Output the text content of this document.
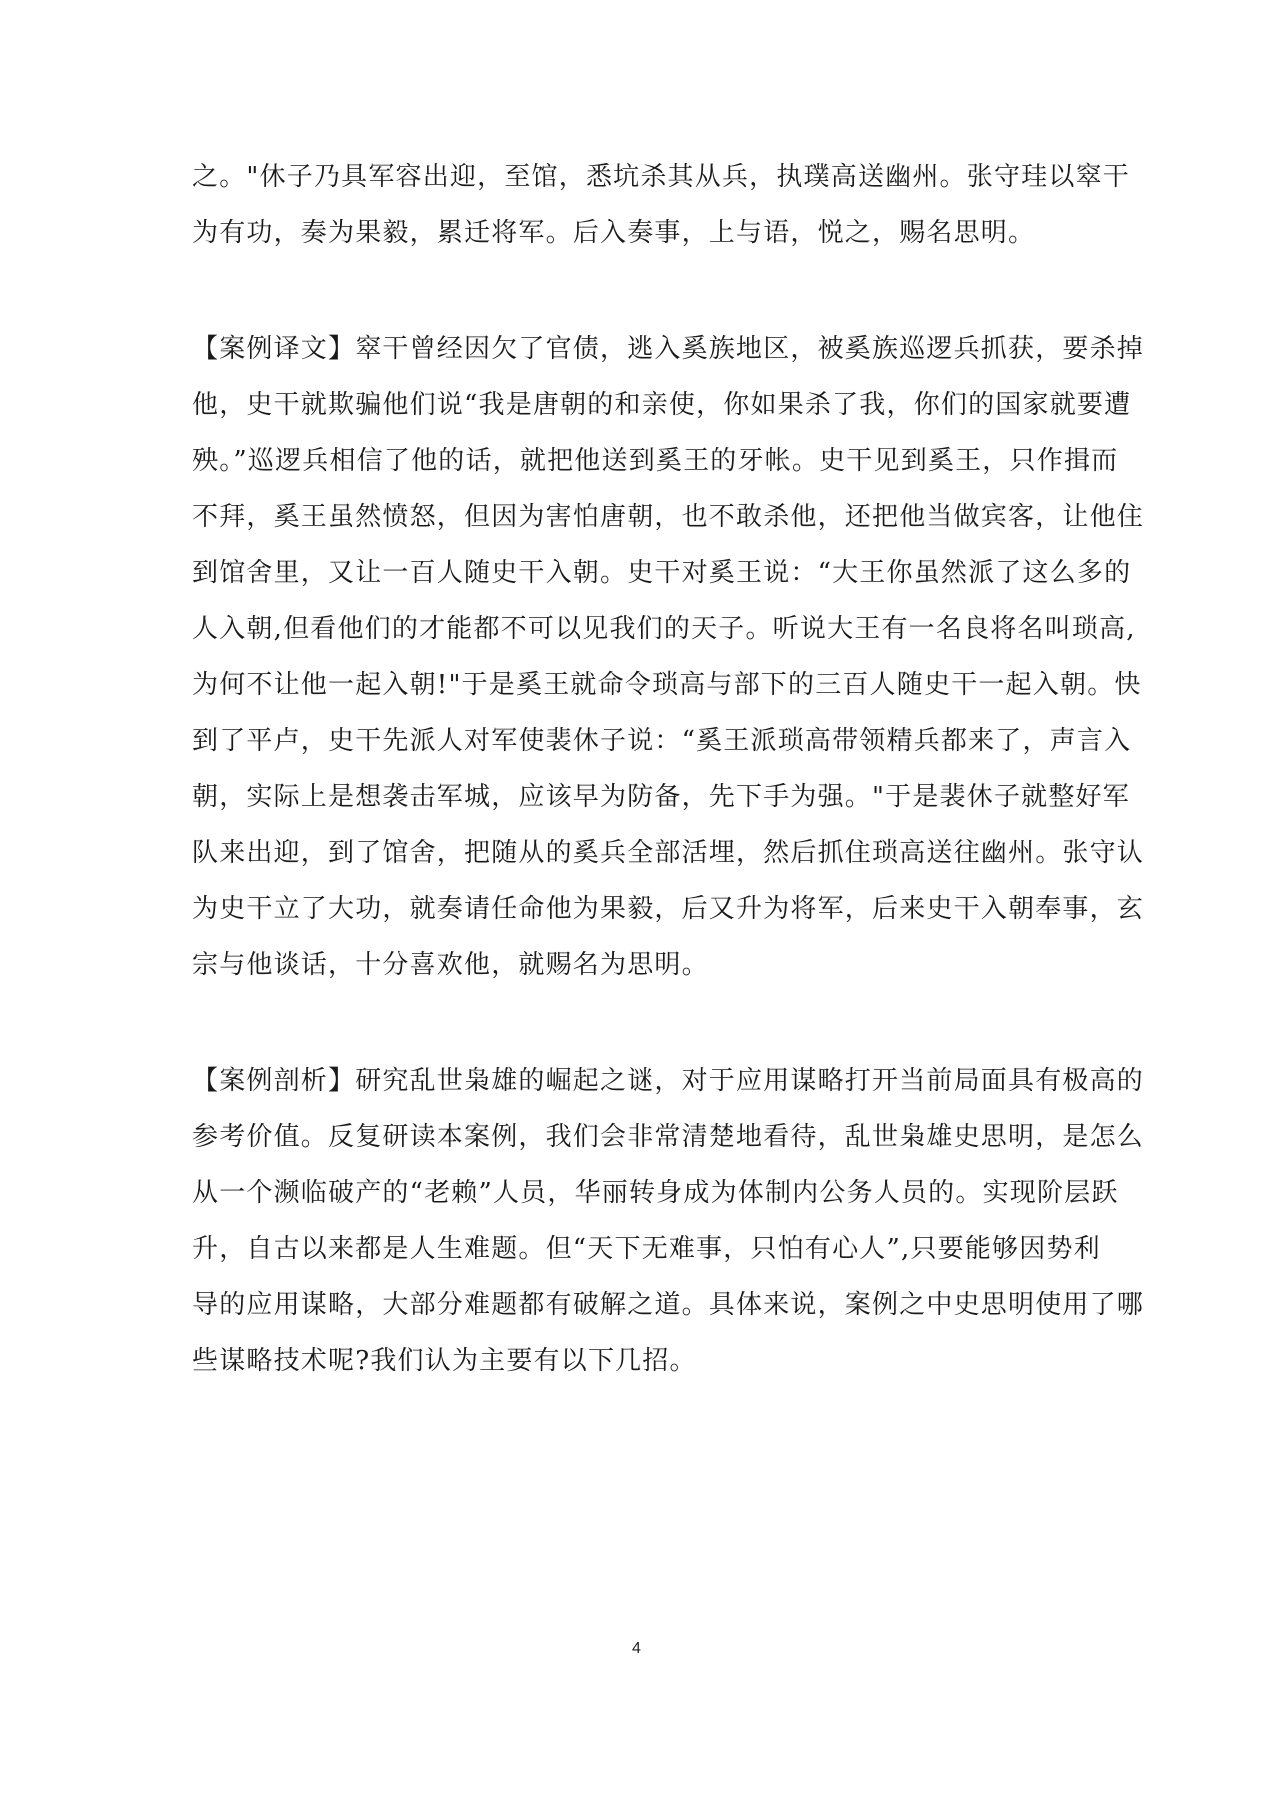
之。"休子乃具军容出迎，至馆，悉坑杀其从兵，执璞高送幽州。张守珪以窣干
为有功，奏为果毅，累迁将军。后入奏事，上与语，悦之，赐名思明。
【案例译文】窣干曾经因欠了官债，逃入奚族地区，被奚族巡逻兵抓获，要杀掉
他，史干就欺骗他们说“我是唐朝的和亲使，你如果杀了我，你们的国家就要遭
殃。”巡逻兵相信了他的话，就把他送到奚王的牙帐。史干见到奚王，只作揖而
不拜，奚王虽然愤怒，但因为害怕唐朝，也不敢杀他，还把他当做宾客，让他住
到馆舍里，又让一百人随史干入朝。史干对奚王说：“大王你虽然派了这么多的
人入朝,但看他们的才能都不可以见我们的天子。听说大王有一名良将名叫琐高,
为何不让他一起入朝!"于是奚王就命令琐高与部下的三百人随史干一起入朝。快
到了平卢，史干先派人对军使裴休子说：“奚王派琐高带领精兵都来了，声言入
朝，实际上是想袭击军城，应该早为防备，先下手为强。"于是裴休子就整好军
队来出迎，到了馆舍，把随从的奚兵全部活埋，然后抓住琐高送往幽州。张守认
为史干立了大功，就奏请任命他为果毅，后又升为将军，后来史干入朝奉事，玄
宗与他谈话，十分喜欢他，就赐名为思明。
【案例剖析】研究乱世枭雄的崛起之谜，对于应用谋略打开当前局面具有极高的
参考价值。反复研读本案例，我们会非常清楚地看待，乱世枭雄史思明，是怎么
从一个濒临破产的“老赖”人员，华丽转身成为体制内公务人员的。实现阶层跃
升，自古以来都是人生难题。但“天下无难事，只怕有心人”,只要能够因势利
导的应用谋略，大部分难题都有破解之道。具体来说，案例之中史思明使用了哪
些谋略技术呢?我们认为主要有以下几招。
4
